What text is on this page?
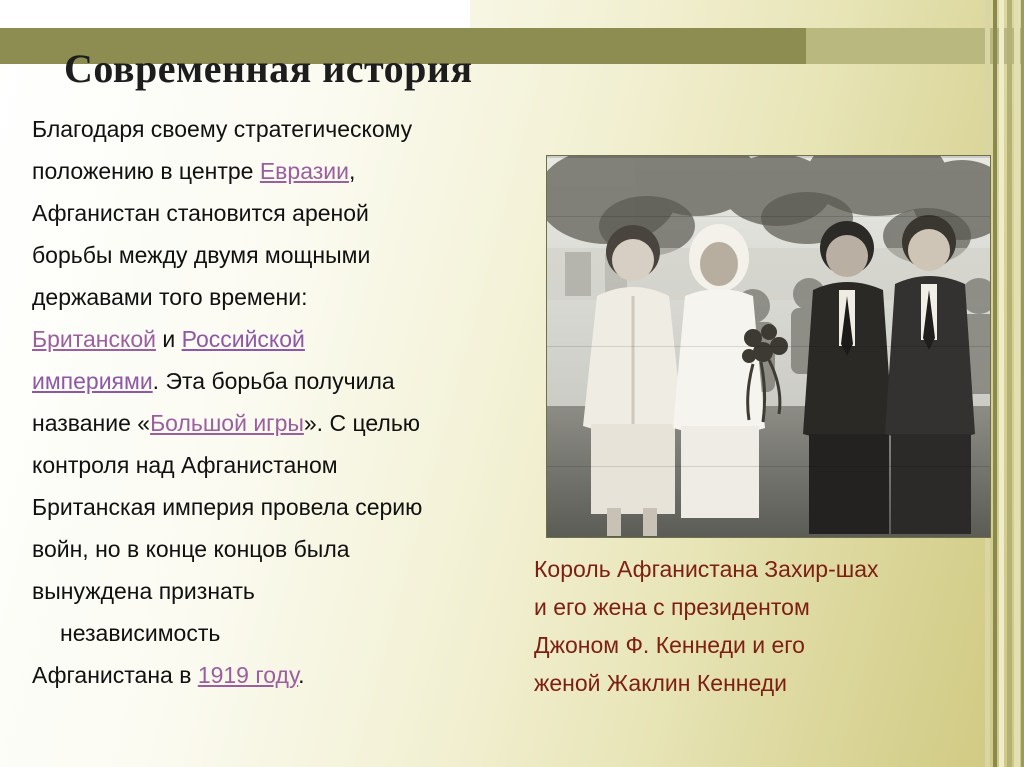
Современная история

Благодаря своему стратегическому

положению в центре Евразии,

Афганистан становится ареной

борьбы между двумя мощными

державами того времени:

Британской и Российской

империями. Эта борьба получила

название «Большой игры». С целью

контроля над Афганистаном

Британская империя провела серию

войн, но в конце концов была

вынуждена признать

независимость

Афганистана в 1919 году.

Король Афганистана Захир-шах

и его жена с президентом

Джоном Ф. Кеннеди и его

женой Жаклин Кеннеди
